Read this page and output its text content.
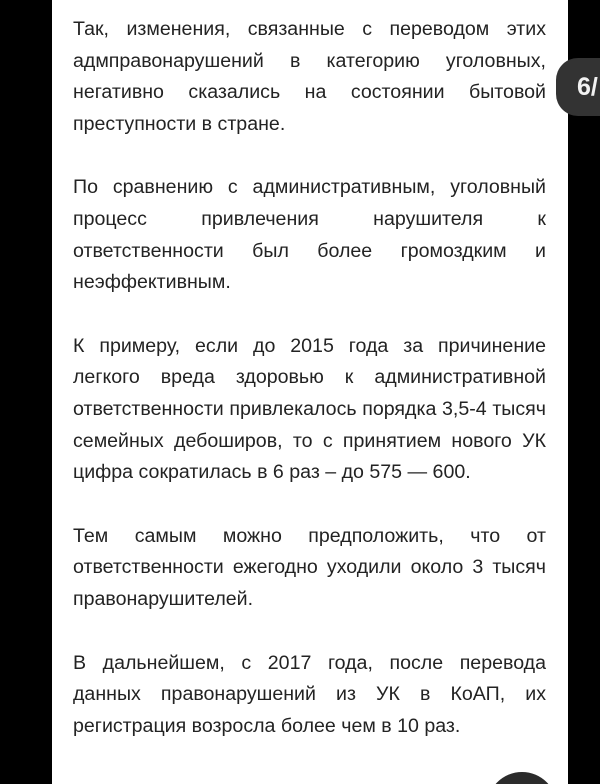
Так, изменения, связанные с переводом этих адмправонарушений в категорию уголовных, негативно сказались на состоянии бытовой преступности в стране.

По сравнению с административным, уголовный процесс привлечения нарушителя к ответственности был более громоздким и неэффективным.

К примеру, если до 2015 года за причинение легкого вреда здоровью к административной ответственности привлекалось порядка 3,5-4 тысяч семейных дебоширов, то с принятием нового УК цифра сократилась в 6 раз – до 575 — 600.

Тем самым можно предположить, что от ответственности ежегодно уходили около 3 тысяч правонарушителей.

В дальнейшем, с 2017 года, после перевода данных правонарушений из УК в КоАП, их регистрация возросла более чем в 10 раз.

6/
